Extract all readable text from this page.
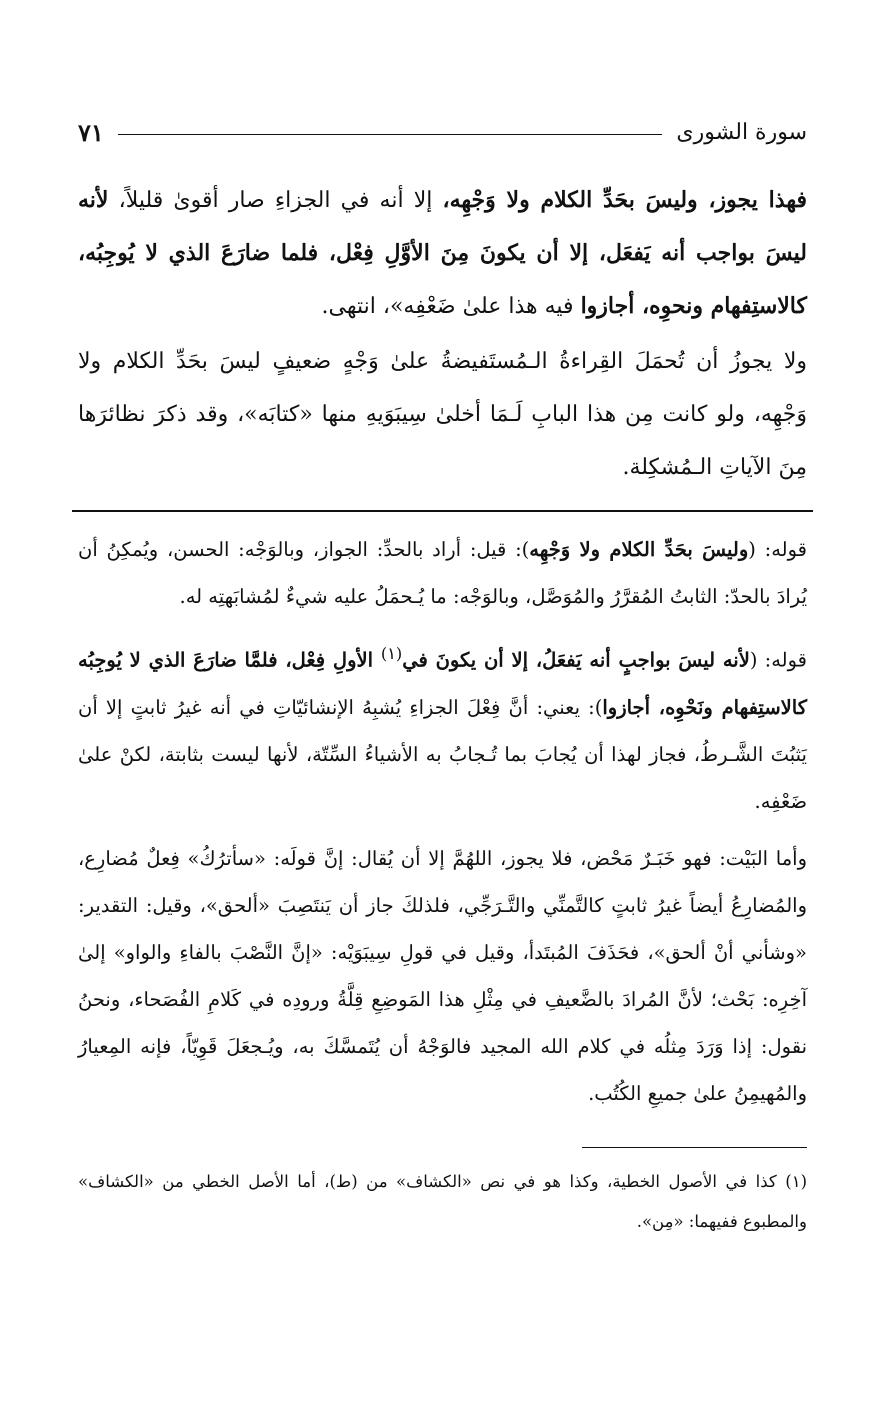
سورة الشورى
٧١

فهذا يجوز، وليسَ بحَدِّ الكلام ولا وَجْهِه، إلا أنه في الجزاءِ صار أقوىٰ قليلاً، لأنه ليسَ بواجب أنه يَفعَل، إلا أن يكونَ مِنَ الأوَّلِ فِعْل، فلما ضارَعَ الذي لا يُوجِبُه، كالاستِفهام ونحوِه، أجازوا فيه هذا علىٰ ضَعْفِه»، انتهى.

ولا يجوزُ أن تُحمَلَ القِراءةُ الـمُستَفيضةُ علىٰ وَجْهٍ ضعيفٍ ليسَ بحَدِّ الكلام ولا وَجْهِه، ولو كانت مِن هذا البابِ لَـمَا أخلىٰ سِيبَوَيهِ منها «كتابَه»، وقد ذكرَ نظائرَها مِنَ الآياتِ الـمُشكِلة.

قوله: (وليسَ بحَدِّ الكلام ولا وَجْهِه): قيل: أراد بالحدِّ: الجواز، وبالوَجْه: الحسن، ويُمكِنُ أن يُرادَ بالحدّ: الثابتُ المُقرَّرُ والمُوَصَّل، وبالوَجْه: ما يُـحمَلُ عليه شيءٌ لمُشابَهتِه له.

قوله: (لأنه ليسَ بواجبٍ أنه يَفعَلُ، إلا أن يكونَ في$^{(١)}$ الأولِ فِعْل، فلمَّا ضارَعَ الذي لا يُوجِبُه كالاستِفهام ونَحْوِه، أجازوا): يعني: أنَّ فِعْلَ الجزاءِ يُشبِهُ الإنشائيّاتِ في أنه غيرُ ثابتٍ إلا أن يَثبُتَ الشَّـرطُ، فجاز لهذا أن يُجابَ بما تُـجابُ به الأشياءُ السِّتّة، لأنها ليست بثابتة، لكنْ علىٰ ضَعْفِه.

وأما البَيْت: فهو خَبَـرٌ مَحْض، فلا يجوز، اللهُمَّ إلا أن يُقال: إنَّ قولَه: «سأترُكُ» فِعلٌ مُضارِع، والمُضارِعُ أيضاً غيرُ ثابتٍ كالتَّمنِّي والتَّـرَجِّي، فلذلكَ جاز أن يَنتَصِبَ «ألحق»، وقيل: التقدير: «وشأني أنْ ألحق»، فحَذَفَ المُبتَدأ، وقيل في قولِ سِيبَوَيْه: «إنَّ النَّصْبَ بالفاءِ والواو» إلىٰ آخِرِه: بَحْث؛ لأنَّ المُرادَ بالضَّعيفِ في مِثْلِ هذا المَوضِعِ قِلَّةُ ورودِه في كَلامِ الفُصَحاء، ونحنُ نقول: إذا وَرَدَ مِثلُه في كلام الله المجيد فالوَجْهُ أن يُتَمسَّكَ به، ويُـجعَلَ قَوِيّاً، فإنه المِعيارُ والمُهيمِنُ علىٰ جميعِ الكُتُب.

(١) كذا في الأصول الخطية، وكذا هو في نص «الكشاف» من (ط)، أما الأصل الخطي من «الكشاف» والمطبوع ففيهما: «مِن».
